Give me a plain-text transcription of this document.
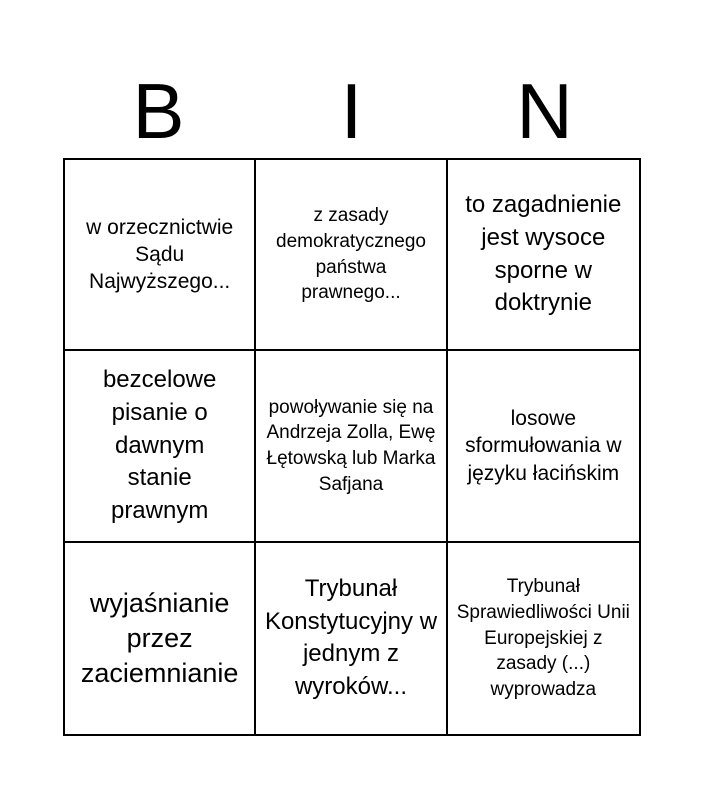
B	I	N
w orzecznictwie Sądu Najwyższego...
z zasady demokratycznego państwa prawnego...
to zagadnienie jest wysoce sporne w doktrynie
bezcelowe pisanie o dawnym stanie prawnym
powoływanie się na Andrzeja Zolla, Ewę Łętowską lub Marka Safjana
losowe sformułowania w języku łacińskim
wyjaśnianie przez zaciemnianie
Trybunał Konstytucyjny w jednym z wyroków...
Trybunał Sprawiedliwości Unii Europejskiej z zasady (...) wyprowadza
